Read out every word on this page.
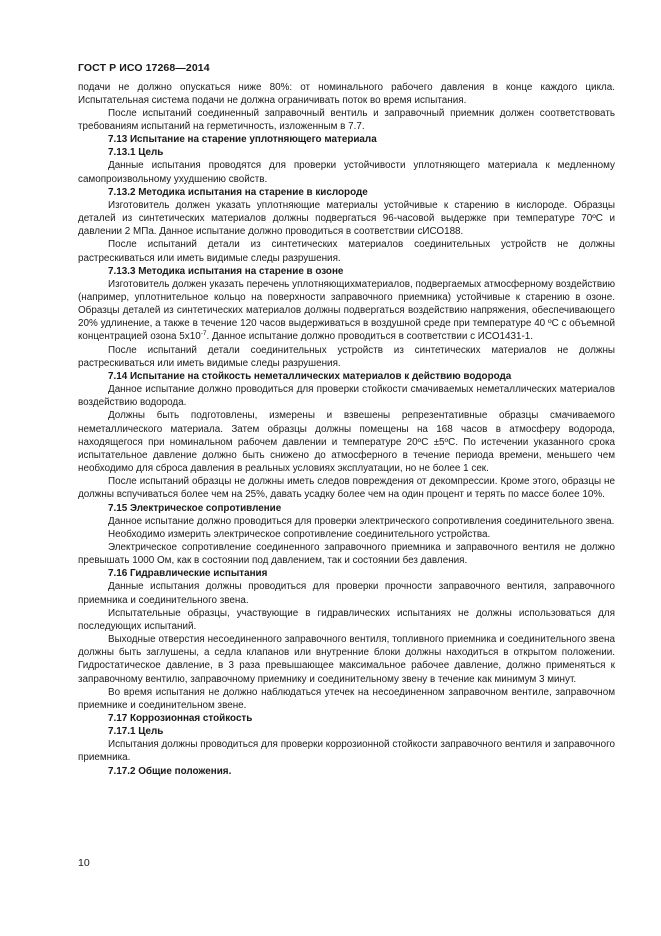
ГОСТ Р ИСО 17268—2014

подачи не должно опускаться ниже 80%: от номинального рабочего давления в конце каждого цикла. Испытательная система подачи не должна ограничивать поток во время испытания.

После испытаний соединенный заправочный вентиль и заправочный приемник должен соответствовать требованиям испытаний на герметичность, изложенным в 7.7.

7.13 Испытание на старение уплотняющего материала
7.13.1 Цель

Данные испытания проводятся для проверки устойчивости уплотняющего материала к медленному самопроизвольному ухудшению свойств.

7.13.2 Методика испытания на старение в кислороде

Изготовитель должен указать уплотняющие материалы устойчивые к старению в кислороде. Образцы деталей из синтетических материалов должны подвергаться 96-часовой выдержке при температуре 70ºС и давлении 2 МПа. Данное испытание должно проводиться в соответствии сИСО188.

После испытаний детали из синтетических материалов соединительных устройств не должны растрескиваться или иметь видимые следы разрушения.

7.13.3 Методика испытания на старение в озоне

Изготовитель должен указать перечень уплотняющихматериалов, подвергаемых атмосферному воздействию (например, уплотнительное кольцо на поверхности заправочного приемника) устойчивые к старению в озоне. Образцы деталей из синтетических материалов должны подвергаться воздействию напряжения, обеспечивающего 20% удлинение, а также в течение 120 часов выдерживаться в воздушной среде при температуре 40 ºС с объемной концентрацией озона $5х10^{-7}$. Данное испытание должно проводиться в соответствии с ИСО1431-1.

После испытаний детали соединительных устройств из синтетических материалов не должны растрескиваться или иметь видимые следы разрушения.

7.14 Испытание на стойкость неметаллических материалов к действию водорода

Данное испытание должно проводиться для проверки стойкости смачиваемых неметаллических материалов воздействию водорода.

Должны быть подготовлены, измерены и взвешены репрезентативные образцы смачиваемого неметаллического материала. Затем образцы должны помещены на 168 часов в атмосферу водорода, находящегося при номинальном рабочем давлении и температуре 20ºС ±5ºС. По истечении указанного срока испытательное давление должно быть снижено до атмосферного в течение периода времени, меньшего чем необходимо для сброса давления в реальных условиях эксплуатации, но не более 1 сек.

После испытаний образцы не должны иметь следов повреждения от декомпрессии. Кроме этого, образцы не должны вспучиваться более чем на 25%, давать усадку более чем на один процент и терять по массе более 10%.

7.15 Электрическое сопротивление

Данное испытание должно проводиться для проверки электрического сопротивления соединительного звена.

Необходимо измерить электрическое сопротивление соединительного устройства.

Электрическое сопротивление соединенного заправочного приемника и заправочного вентиля не должно превышать 1000 Ом, как в состоянии под давлением, так и состоянии без давления.

7.16 Гидравлические испытания

Данные испытания должны проводиться для проверки прочности заправочного вентиля, заправочного приемника и соединительного звена.

Испытательные образцы, участвующие в гидравлических испытаниях не должны использоваться для последующих испытаний.

Выходные отверстия несоединенного заправочного вентиля, топливного приемника и соединительного звена должны быть заглушены, а седла клапанов или внутренние блоки должны находиться в открытом положении. Гидростатическое давление, в 3 раза превышающее максимальное рабочее давление, должно применяться к заправочному вентилю, заправочному приемнику и соединительному звену в течение как минимум 3 минут.

Во время испытания не должно наблюдаться утечек на несоединенном заправочном вентиле, заправочном приемнике и соединительном звене.

7.17 Коррозионная стойкость
7.17.1 Цель

Испытания должны проводиться для проверки коррозионной стойкости заправочного вентиля и заправочного приемника.

7.17.2 Общие положения.
10
